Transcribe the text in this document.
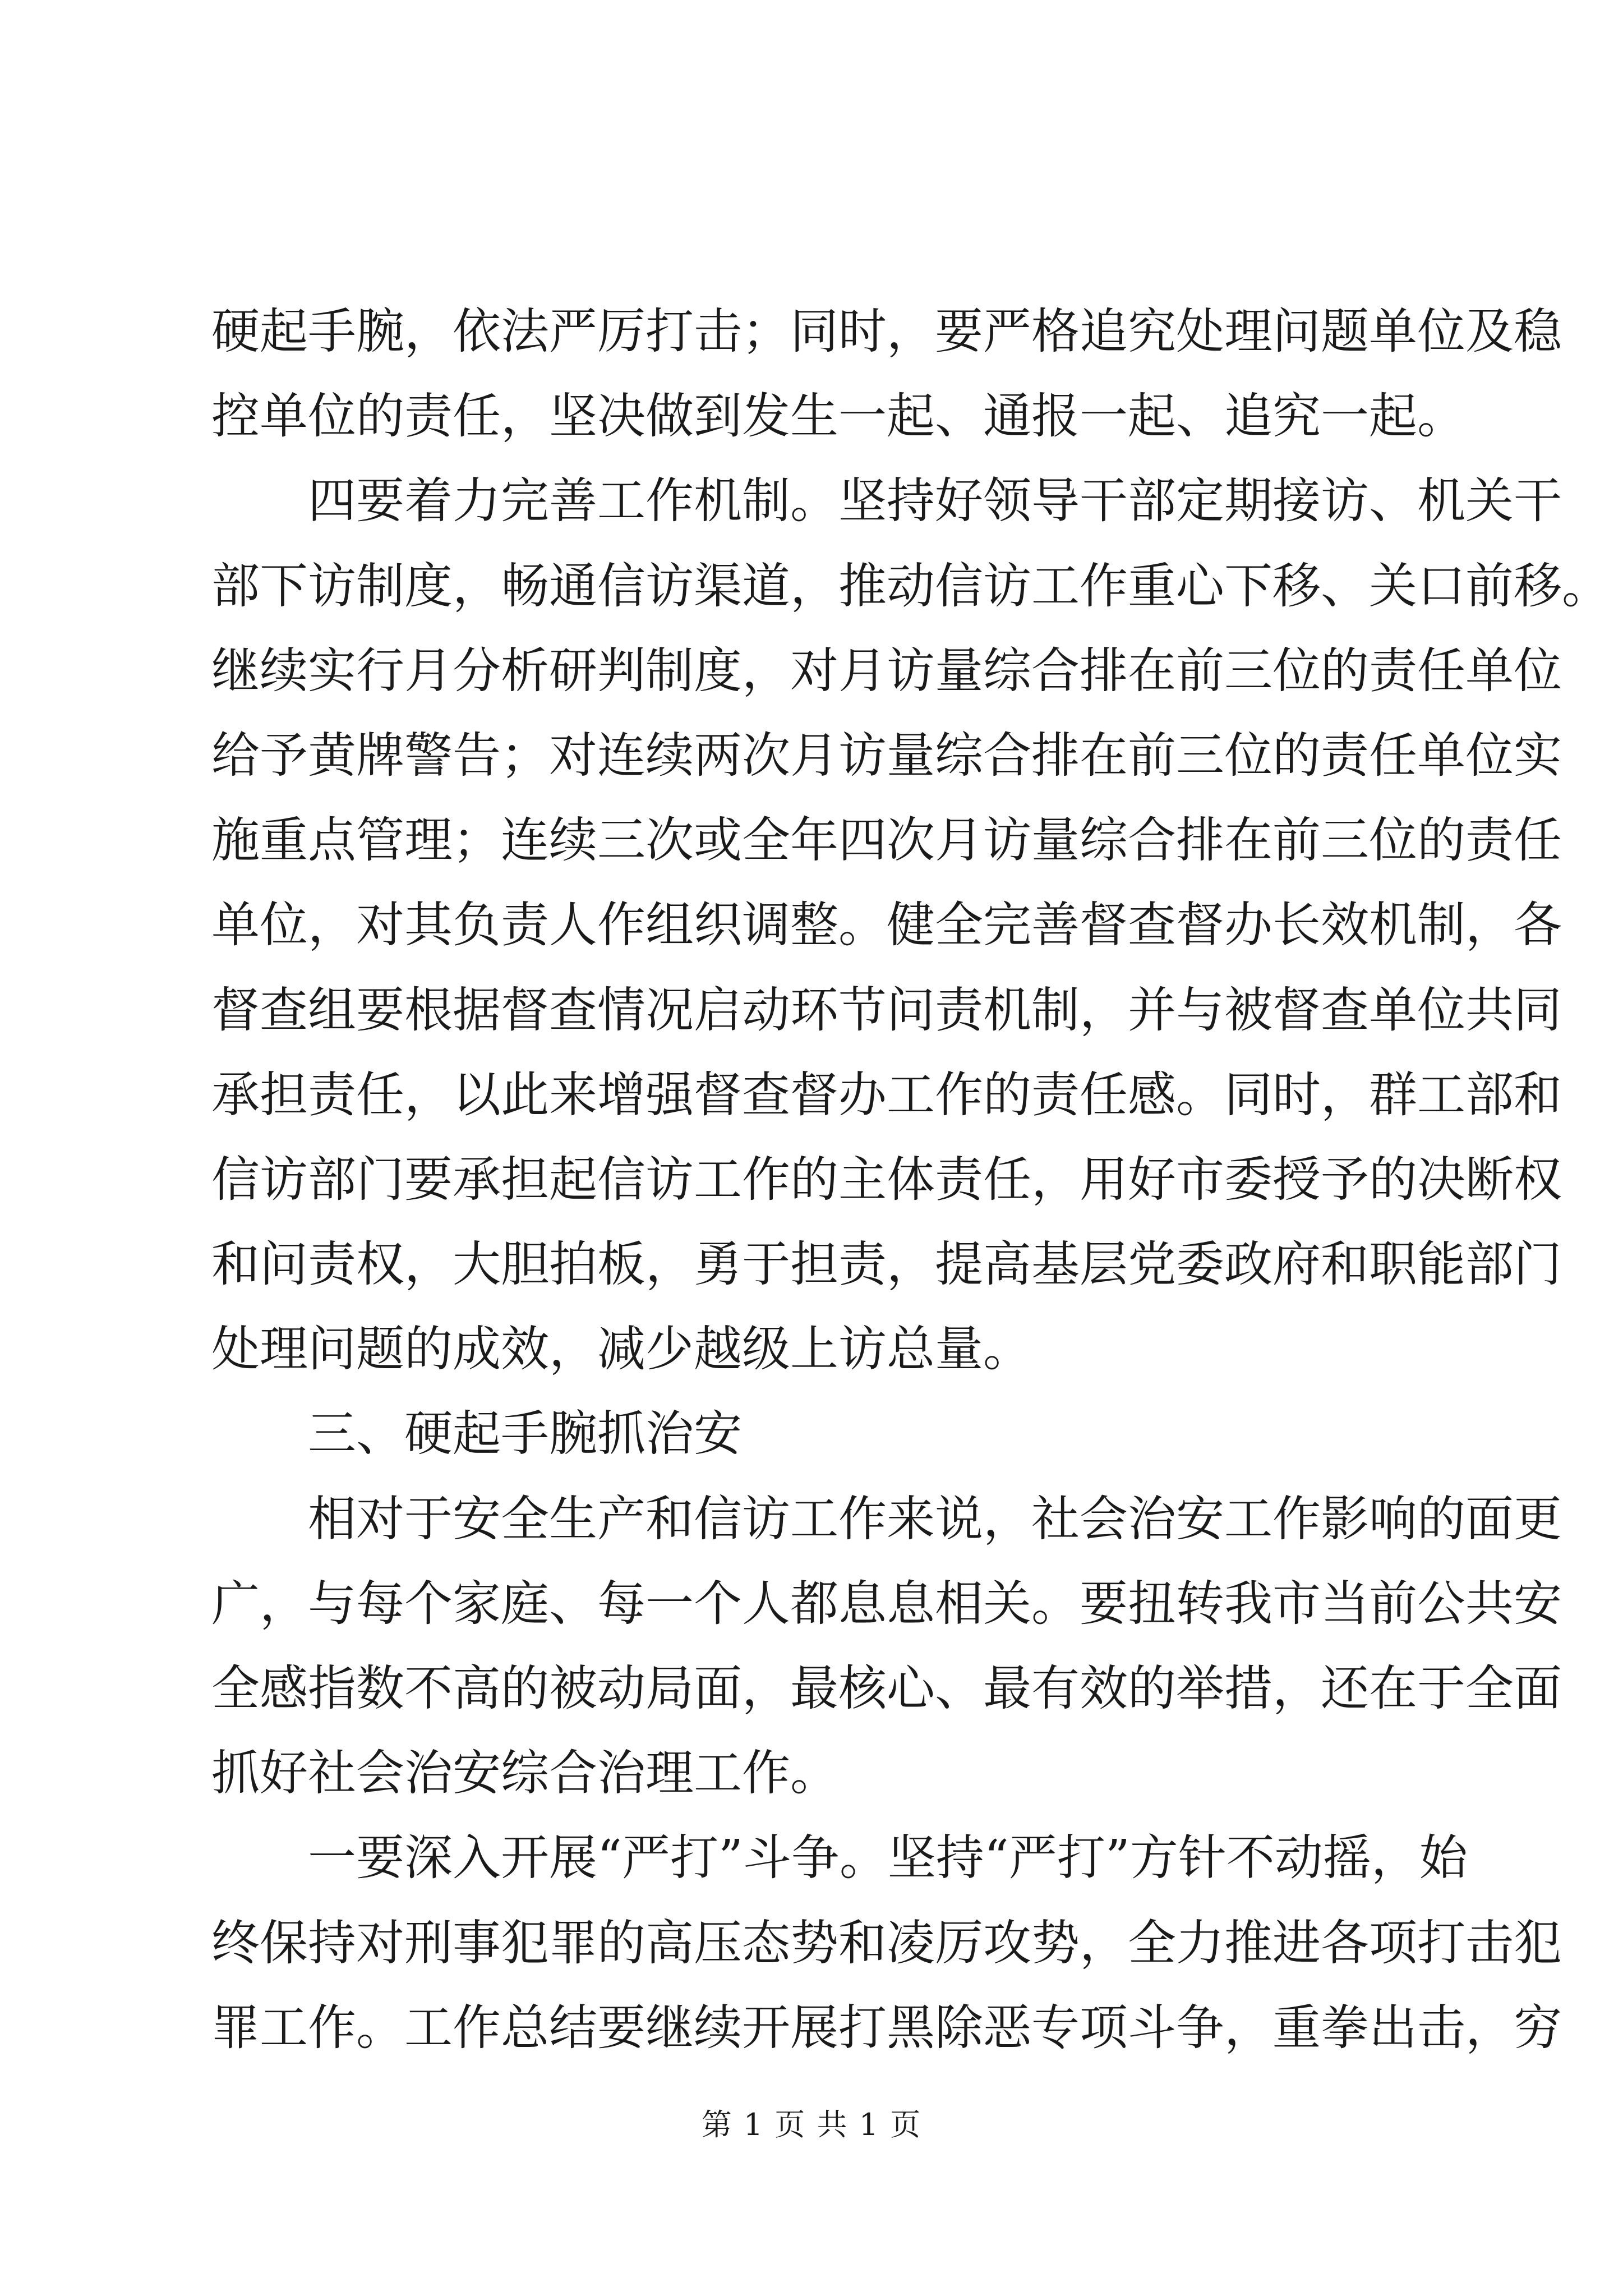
硬起手腕，依法严厉打击；同时，要严格追究处理问题单位及稳
控单位的责任，坚决做到发生一起、通报一起、追究一起。
四要着力完善工作机制。坚持好领导干部定期接访、机关干
部下访制度，畅通信访渠道，推动信访工作重心下移、关口前移。
继续实行月分析研判制度，对月访量综合排在前三位的责任单位
给予黄牌警告；对连续两次月访量综合排在前三位的责任单位实
施重点管理；连续三次或全年四次月访量综合排在前三位的责任
单位，对其负责人作组织调整。健全完善督查督办长效机制，各
督查组要根据督查情况启动环节问责机制，并与被督查单位共同
承担责任，以此来增强督查督办工作的责任感。同时，群工部和
信访部门要承担起信访工作的主体责任，用好市委授予的决断权
和问责权，大胆拍板，勇于担责，提高基层党委政府和职能部门
处理问题的成效，减少越级上访总量。
三、硬起手腕抓治安
相对于安全生产和信访工作来说，社会治安工作影响的面更
广，与每个家庭、每一个人都息息相关。要扭转我市当前公共安
全感指数不高的被动局面，最核心、最有效的举措，还在于全面
抓好社会治安综合治理工作。
一要深入开展“严打”斗争。坚持“严打”方针不动摇，始
终保持对刑事犯罪的高压态势和凌厉攻势，全力推进各项打击犯
罪工作。工作总结要继续开展打黑除恶专项斗争，重拳出击，穷
第 1 页 共 1 页
